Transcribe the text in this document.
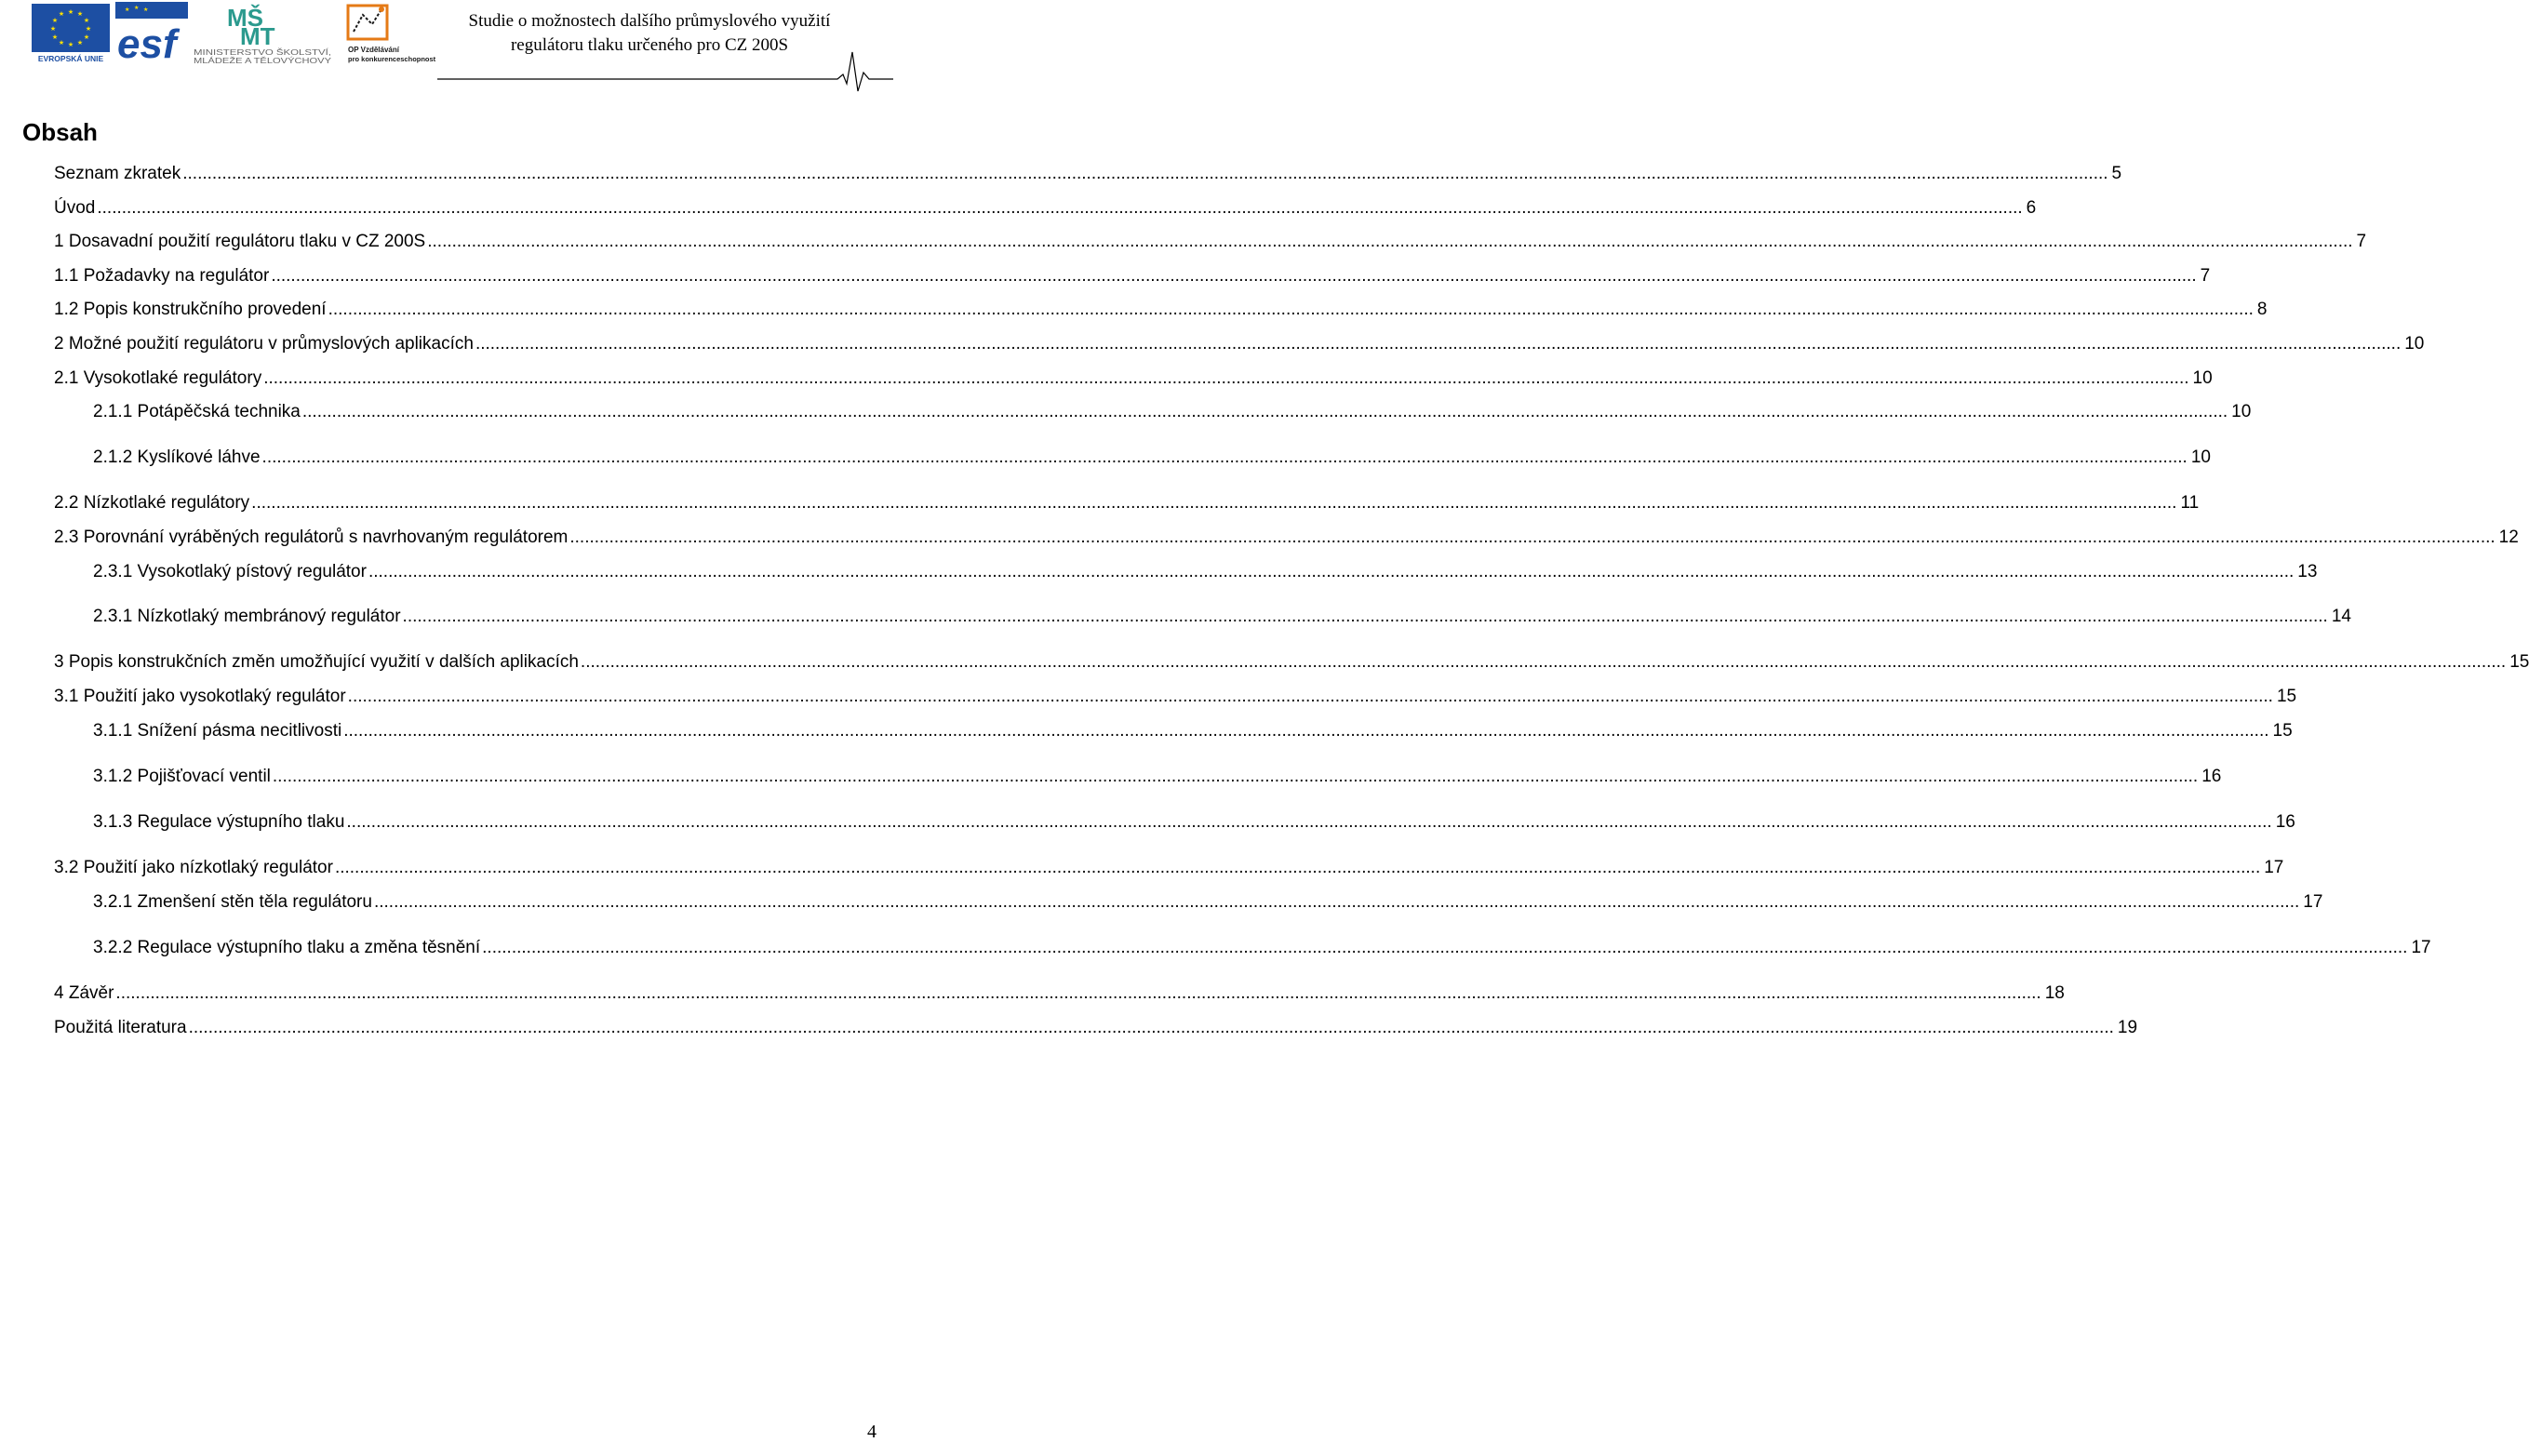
★ ★
★
★
★
★
★
★
★
★
★
★
EVROPSKÁ UNIE
★ ★ ★
esf
MŠ
MT
MINISTERSTVO ŠKOLSTVÍ,
MLÁDEŽE A TĚLOVÝCHOVY
OP Vzdělávání
pro konkurenceschopnost
Studie o možnostech dalšího průmyslového využití
regulátoru tlaku určeného pro CZ 200S
Obsah
Seznam zkratek .....	5
Úvod .....	6
1 Dosavadní použití regulátoru tlaku v CZ 200S .....	7
1.1 Požadavky na regulátor .....	7
1.2 Popis konstrukčního provedení .....	8
2 Možné použití regulátoru v průmyslových aplikacích .....	10
2.1 Vysokotlaké regulátory .....	10
2.1.1 Potápěčská technika .....	10
2.1.2 Kyslíkové láhve .....	10
2.2 Nízkotlaké regulátory .....	11
2.3 Porovnání vyráběných regulátorů s navrhovaným regulátorem .....	12
2.3.1 Vysokotlaký pístový regulátor .....	13
2.3.1 Nízkotlaký membránový regulátor .....	14
3 Popis konstrukčních změn umožňující využití v dalších aplikacích .....	15
3.1 Použití jako vysokotlaký regulátor .....	15
3.1.1 Snížení pásma necitlivosti .....	15
3.1.2 Pojišťovací ventil .....	16
3.1.3 Regulace výstupního tlaku .....	16
3.2 Použití jako nízkotlaký regulátor .....	17
3.2.1 Zmenšení stěn těla regulátoru .....	17
3.2.2 Regulace výstupního tlaku a změna těsnění .....	17
4 Závěr .....	18
Použitá literatura .....	19
4
